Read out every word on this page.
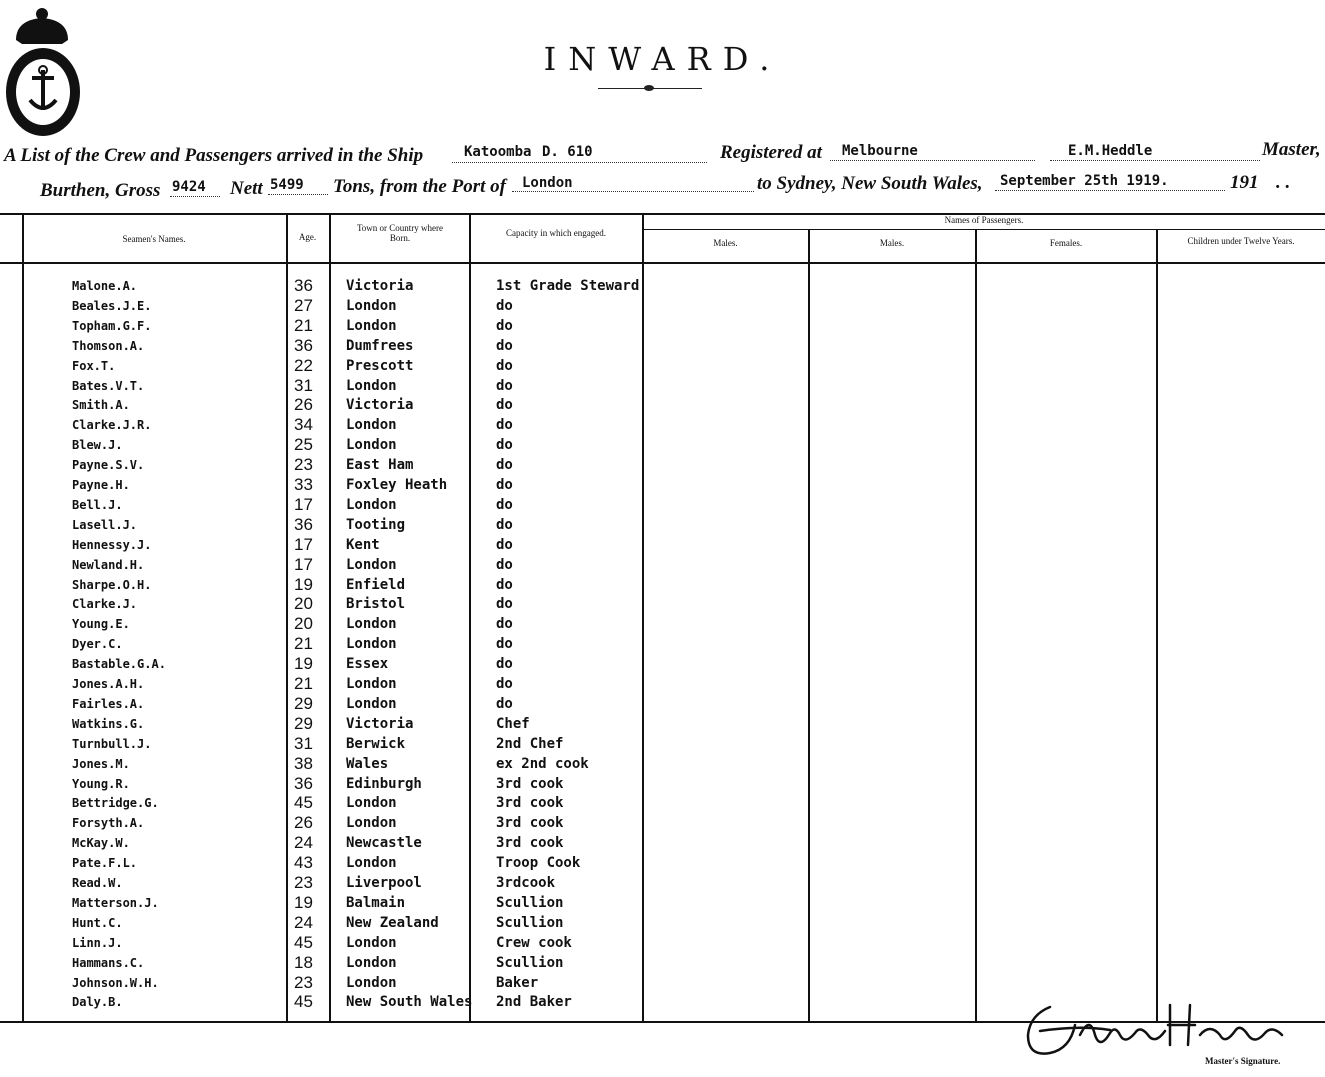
INWARD.
A List of the Crew and Passengers arrived in the Ship	Katoomba D. 610	Registered at Melbourne	E.M.Heddle	Master,
Burthen, Gross 9424 Nett 5499 Tons, from the Port of London	to Sydney, New South Wales, September 25th 1919.	191 . .
Seamen's Names.	Age.
Town or Country where Born.	Capacity in which engaged.
Names of Passengers.
Males.	Males.	Females.	Children under Twelve Years.
Malone.A.	36	Victoria	1st Grade Steward
Beales.J.E.	27	London	do
Topham.G.F.	21	London	do
Thomson.A.	36	Dumfrees	do
Fox.T.	22	Prescott	do
Bates.V.T.	31	London	do
Smith.A.	26	Victoria	do
Clarke.J.R.	34	London	do
Blew.J.	25	London	do
Payne.S.V.	23	East Ham	do
Payne.H.	33	Foxley Heath	do
Bell.J.	17	London	do
Lasell.J.	36	Tooting	do
Hennessy.J.	17	Kent	do
Newland.H.	17	London	do
Sharpe.O.H.	19	Enfield	do
Clarke.J.	20	Bristol	do
Young.E.	20	London	do
Dyer.C.	21	London	do
Bastable.G.A.	19	Essex	do
Jones.A.H.	21	London	do
Fairles.A.	29	London	do
Watkins.G.	29	Victoria	Chef
Turnbull.J.	31	Berwick	2nd Chef
Jones.M.	38	Wales	ex 2nd cook
Young.R.	36	Edinburgh	3rd cook
Bettridge.G.	45	London	3rd cook
Forsyth.A.	26	London	3rd cook
McKay.W.	24	Newcastle	3rd cook
Pate.F.L.	43	London	Troop Cook
Read.W.	23	Liverpool	3rdcook
Matterson.J.	19	Balmain	Scullion
Hunt.C.	24	New Zealand	Scullion
Linn.J.	45	London	Crew cook
Hammans.C.	18	London	Scullion
Johnson.W.H.	23	London	Baker
Daly.B.	45	New South Wales 2nd Baker
EMorda Heddle
Master's Signature.
